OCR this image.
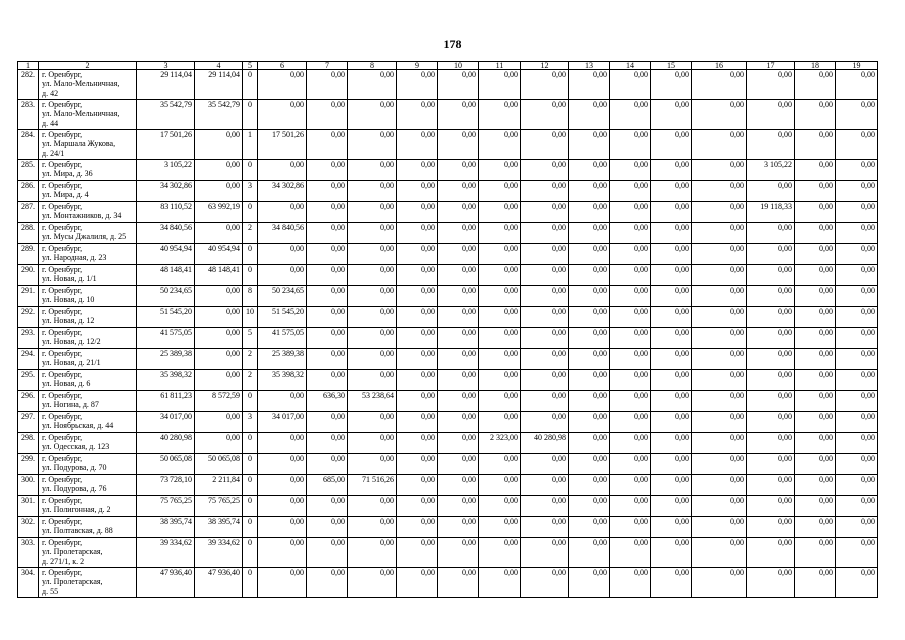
178
1	2	3	4	5	6	7	8	9	10	11	12	13	14	15	16	17	18	19
282.	г. Оренбург,
ул. Мало-Мельничная,
д. 42	29 114,04	29 114,04	0	0,00	0,00	0,00	0,00	0,00	0,00	0,00	0,00	0,00	0,00	0,00	0,00	0,00	0,00
283.	г. Оренбург,
ул. Мало-Мельничная,
д. 44	35 542,79	35 542,79	0	0,00	0,00	0,00	0,00	0,00	0,00	0,00	0,00	0,00	0,00	0,00	0,00	0,00	0,00
284.	г. Оренбург,
ул. Маршала Жукова,
д. 24/1	17 501,26	0,00	1	17 501,26	0,00	0,00	0,00	0,00	0,00	0,00	0,00	0,00	0,00	0,00	0,00	0,00	0,00
285.	г. Оренбург,
ул. Мира, д. 36	3 105,22	0,00	0	0,00	0,00	0,00	0,00	0,00	0,00	0,00	0,00	0,00	0,00	0,00	3 105,22	0,00	0,00
286.	г. Оренбург,
ул. Мира, д. 4	34 302,86	0,00	3	34 302,86	0,00	0,00	0,00	0,00	0,00	0,00	0,00	0,00	0,00	0,00	0,00	0,00	0,00
287.	г. Оренбург,
ул. Монтажников, д. 34	83 110,52	63 992,19	0	0,00	0,00	0,00	0,00	0,00	0,00	0,00	0,00	0,00	0,00	0,00	19 118,33	0,00	0,00
288.	г. Оренбург,
ул. Мусы Джалиля, д. 25	34 840,56	0,00	2	34 840,56	0,00	0,00	0,00	0,00	0,00	0,00	0,00	0,00	0,00	0,00	0,00	0,00	0,00
289.	г. Оренбург,
ул. Народная, д. 23	40 954,94	40 954,94	0	0,00	0,00	0,00	0,00	0,00	0,00	0,00	0,00	0,00	0,00	0,00	0,00	0,00	0,00
290.	г. Оренбург,
ул. Новая, д. 1/1	48 148,41	48 148,41	0	0,00	0,00	0,00	0,00	0,00	0,00	0,00	0,00	0,00	0,00	0,00	0,00	0,00	0,00
291.	г. Оренбург,
ул. Новая, д. 10	50 234,65	0,00	8	50 234,65	0,00	0,00	0,00	0,00	0,00	0,00	0,00	0,00	0,00	0,00	0,00	0,00	0,00
292.	г. Оренбург,
ул. Новая, д. 12	51 545,20	0,00	10	51 545,20	0,00	0,00	0,00	0,00	0,00	0,00	0,00	0,00	0,00	0,00	0,00	0,00	0,00
293.	г. Оренбург,
ул. Новая, д. 12/2	41 575,05	0,00	5	41 575,05	0,00	0,00	0,00	0,00	0,00	0,00	0,00	0,00	0,00	0,00	0,00	0,00	0,00
294.	г. Оренбург,
ул. Новая, д. 21/1	25 389,38	0,00	2	25 389,38	0,00	0,00	0,00	0,00	0,00	0,00	0,00	0,00	0,00	0,00	0,00	0,00	0,00
295.	г. Оренбург,
ул. Новая, д. 6	35 398,32	0,00	2	35 398,32	0,00	0,00	0,00	0,00	0,00	0,00	0,00	0,00	0,00	0,00	0,00	0,00	0,00
296.	г. Оренбург,
ул. Ногина, д. 87	61 811,23	8 572,59	0	0,00	636,30	53 238,64	0,00	0,00	0,00	0,00	0,00	0,00	0,00	0,00	0,00	0,00	0,00
297.	г. Оренбург,
ул. Ноябрьская, д. 44	34 017,00	0,00	3	34 017,00	0,00	0,00	0,00	0,00	0,00	0,00	0,00	0,00	0,00	0,00	0,00	0,00	0,00
298.	г. Оренбург,
ул. Одесская, д. 123	40 280,98	0,00	0	0,00	0,00	0,00	0,00	0,00	2 323,00	40 280,98	0,00	0,00	0,00	0,00	0,00	0,00	0,00
299.	г. Оренбург,
ул. Подурова, д. 70	50 065,08	50 065,08	0	0,00	0,00	0,00	0,00	0,00	0,00	0,00	0,00	0,00	0,00	0,00	0,00	0,00	0,00
300.	г. Оренбург,
ул. Подурова, д. 76	73 728,10	2 211,84	0	0,00	685,00	71 516,26	0,00	0,00	0,00	0,00	0,00	0,00	0,00	0,00	0,00	0,00	0,00
301.	г. Оренбург,
ул. Полигонная, д. 2	75 765,25	75 765,25	0	0,00	0,00	0,00	0,00	0,00	0,00	0,00	0,00	0,00	0,00	0,00	0,00	0,00	0,00
302.	г. Оренбург,
ул. Полтавская, д. 88	38 395,74	38 395,74	0	0,00	0,00	0,00	0,00	0,00	0,00	0,00	0,00	0,00	0,00	0,00	0,00	0,00	0,00
303.	г. Оренбург,
ул. Пролетарская,
д. 271/1, к. 2	39 334,62	39 334,62	0	0,00	0,00	0,00	0,00	0,00	0,00	0,00	0,00	0,00	0,00	0,00	0,00	0,00	0,00
304.	г. Оренбург,
ул. Пролетарская,
д. 55	47 936,40	47 936,40	0	0,00	0,00	0,00	0,00	0,00	0,00	0,00	0,00	0,00	0,00	0,00	0,00	0,00	0,00
